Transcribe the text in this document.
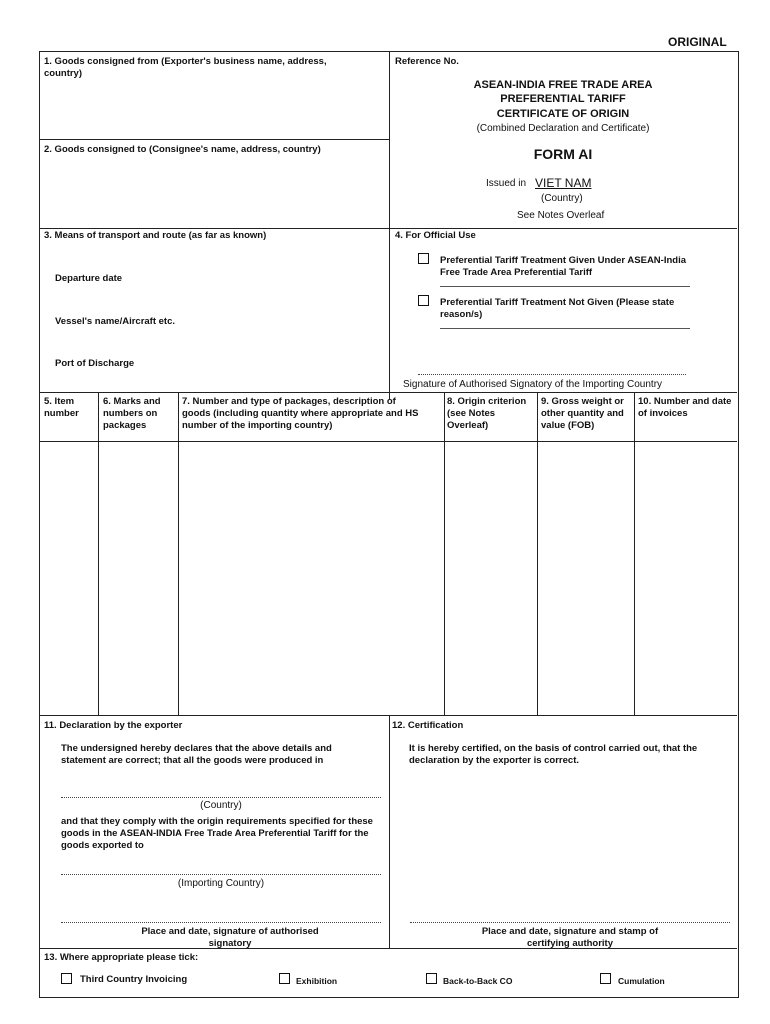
ORIGINAL
1. Goods consigned from (Exporter's business name, address, country)
Reference No.
ASEAN-INDIA FREE TRADE AREA
PREFERENTIAL TARIFF
CERTIFICATE OF ORIGIN
(Combined Declaration and Certificate)
FORM AI
Issued in VIET NAM
(Country)
See Notes Overleaf
2. Goods consigned to (Consignee's name, address, country)
3. Means of transport and route (as far as known)
Departure date
Vessel's name/Aircraft etc.
Port of Discharge
4. For Official Use
Preferential Tariff Treatment Given Under ASEAN-India Free Trade Area Preferential Tariff
Preferential Tariff Treatment Not Given (Please state reason/s)
Signature of Authorised Signatory of the Importing Country
5. Item number
6. Marks and numbers on packages
7. Number and type of packages, description of goods (including quantity where appropriate and HS number of the importing country)
8. Origin criterion (see Notes Overleaf)
9. Gross weight or other quantity and value (FOB)
10. Number and date of invoices
11. Declaration by the exporter
The undersigned hereby declares that the above details and statement are correct; that all the goods were produced in
(Country)
and that they comply with the origin requirements specified for these goods in the ASEAN-INDIA Free Trade Area Preferential Tariff for the goods exported to
(Importing Country)
Place and date, signature of authorised signatory
12. Certification
It is hereby certified, on the basis of control carried out, that the declaration by the exporter is correct.
Place and date, signature and stamp of certifying authority
13. Where appropriate please tick:
Third Country Invoicing	Exhibition	Back-to-Back CO	Cumulation
